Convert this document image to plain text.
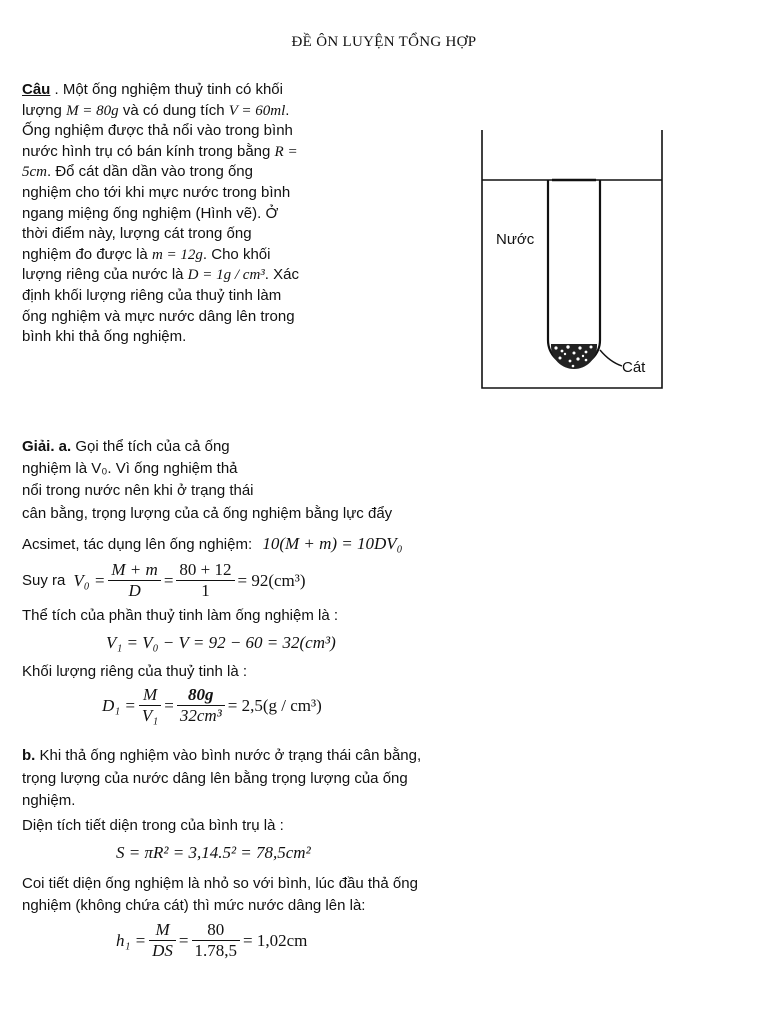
ĐỀ ÔN LUYỆN TỔNG HỢP
Câu . Một ống nghiệm thuỷ tinh có khối lượng M = 80g và có dung tích V = 60ml. Ống nghiệm được thả nổi vào trong bình nước hình trụ có bán kính trong bằng R = 5cm. Đổ cát dần dần vào trong ống nghiệm cho tới khi mực nước trong bình ngang miệng ống nghiệm (Hình vẽ). Ở thời điểm này, lượng cát trong ống nghiệm đo được là m = 12g. Cho khối lượng riêng của nước là D = 1g / cm³. Xác định khối lượng riêng của thuỷ tinh làm ống nghiệm và mực nước dâng lên trong bình khi thả ống nghiệm.
Nước
Cát
Giải. a. Gọi thể tích của cả ống
nghiệm là V₀. Vì ống nghiệm thả
nổi trong nước nên khi ở trạng thái
cân bằng, trọng lượng của cả ống nghiệm bằng lực đẩy
Acsimet, tác dụng lên ống nghiệm: 10(M + m) = 10DV₀
Suy ra $V_0 = \frac{M + m}{D} = \frac{80 + 12}{1} = 92(cm^3)$
Thể tích của phần thuỷ tinh làm ống nghiệm là :
V₁ = V₀ − V = 92 − 60 = 32(cm³)
Khối lượng riêng của thuỷ tinh là :
$D_1 = \frac{M}{\text{V₁}} = \frac{80g}{\text{32cm³}} = 2,5(g / cm^3)$
b. Khi thả ống nghiệm vào bình nước ở trạng thái cân bằng,
trọng lượng của nước dâng lên bằng trọng lượng của ống
nghiệm.
Diện tích tiết diện trong của bình trụ là :
S = πR² = 3,14.5² = 78,5cm²
Coi tiết diện ống nghiệm là nhỏ so với bình, lúc đầu thả ống
nghiệm (không chứa cát) thì mức nước dâng lên là:
$h_1 = \frac{M}{DS} = \frac{80}{1.78,5} = 1,02cm$
